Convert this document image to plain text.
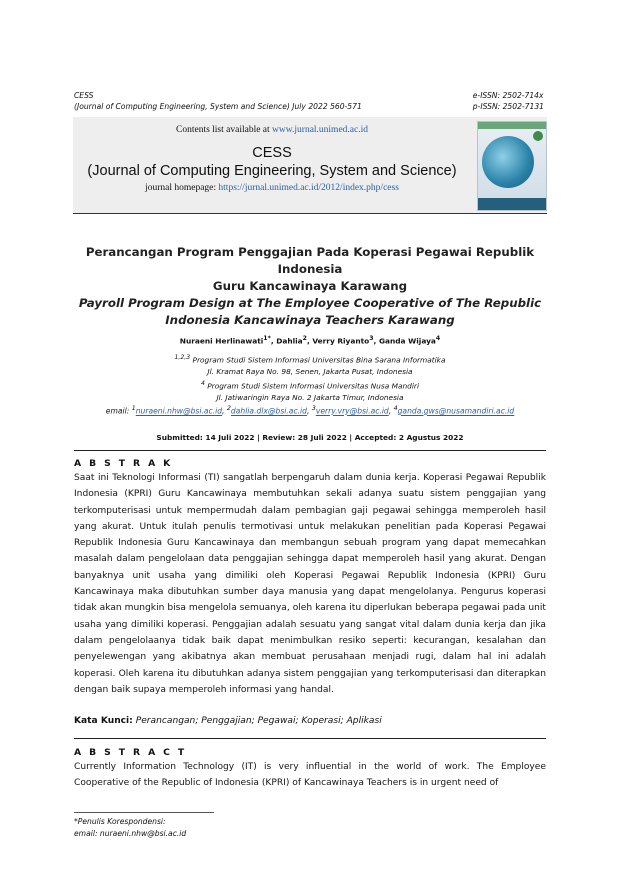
CESS
(Journal of Computing Engineering, System and Science) July 2022 560-571
e-ISSN: 2502-714x
p-ISSN: 2502-7131
Contents list available at www.jurnal.unimed.ac.id
CESS
(Journal of Computing Engineering, System and Science)
journal homepage: https://jurnal.unimed.ac.id/2012/index.php/cess
Perancangan Program Penggajian Pada Koperasi Pegawai Republik Indonesia
Guru Kancawinaya Karawang
Payroll Program Design at The Employee Cooperative of The Republic
Indonesia Kancawinaya Teachers Karawang
Nuraeni Herlinawati$^{1*}$, Dahlia$^2$, Verry Riyanto$^3$, Ganda Wijaya$^4$
$^{1,2,3}$ Program Studi Sistem Informasi Universitas Bina Sarana Informatika
Jl. Kramat Raya No. 98, Senen, Jakarta Pusat, Indonesia
$^4$ Program Studi Sistem Informasi Universitas Nusa Mandiri
Jl. Jatiwaringin Raya No. 2 Jakarta Timur, Indonesia
email: $^1$nuraeni.nhw@bsi.ac.id, $^2$dahlia.dlx@bsi.ac.id, $^3$verry.vry@bsi.ac.id, $^4$ganda.gws@nusamandiri.ac.id
Submitted: 14 Juli 2022 | Review: 28 Juli 2022 | Accepted: 2 Agustus 2022
A B S T R A K
Saat ini Teknologi Informasi (TI) sangatlah berpengaruh dalam dunia kerja. Koperasi Pegawai Republik Indonesia (KPRI) Guru Kancawinaya membutuhkan sekali adanya suatu sistem penggajian yang terkomputerisasi untuk mempermudah dalam pembagian gaji pegawai sehingga memperoleh hasil yang akurat. Untuk itulah penulis termotivasi untuk melakukan penelitian pada Koperasi Pegawai Republik Indonesia Guru Kancawinaya dan membangun sebuah program yang dapat memecahkan masalah dalam pengelolaan data penggajian sehingga dapat memperoleh hasil yang akurat. Dengan banyaknya unit usaha yang dimiliki oleh Koperasi Pegawai Republik Indonesia (KPRI) Guru Kancawinaya maka dibutuhkan sumber daya manusia yang dapat mengelolanya. Pengurus koperasi tidak akan mungkin bisa mengelola semuanya, oleh karena itu diperlukan beberapa pegawai pada unit usaha yang dimiliki koperasi. Penggajian adalah sesuatu yang sangat vital dalam dunia kerja dan jika dalam pengelolaanya tidak baik dapat menimbulkan resiko seperti: kecurangan, kesalahan dan penyelewengan yang akibatnya akan membuat perusahaan menjadi rugi, dalam hal ini adalah koperasi. Oleh karena itu dibutuhkan adanya sistem penggajian yang terkomputerisasi dan diterapkan dengan baik supaya memperoleh informasi yang handal.
Kata Kunci: Perancangan; Penggajian; Pegawai; Koperasi; Aplikasi
A B S T R A C T
Currently Information Technology (IT) is very influential in the world of work. The Employee Cooperative of the Republic of Indonesia (KPRI) of Kancawinaya Teachers is in urgent need of
*Penulis Korespondensi:
email: nuraeni.nhw@bsi.ac.id
